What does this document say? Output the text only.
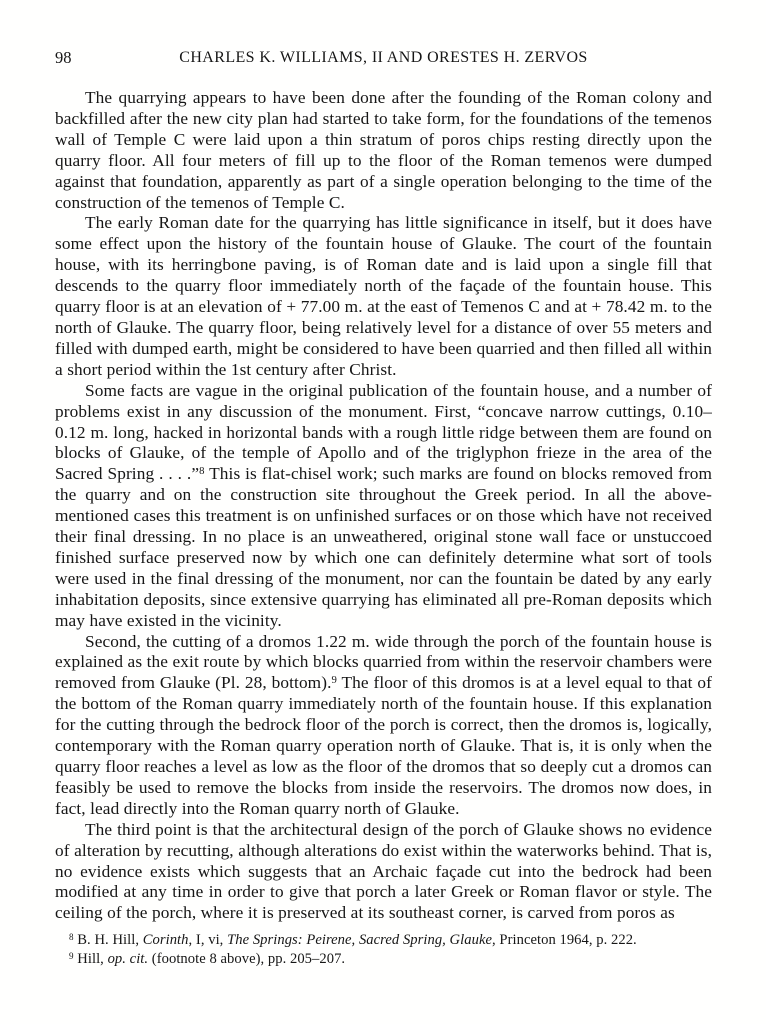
98	CHARLES K. WILLIAMS, II AND ORESTES H. ZERVOS

The quarrying appears to have been done after the founding of the Roman colony and backfilled after the new city plan had started to take form, for the foundations of the temenos wall of Temple C were laid upon a thin stratum of poros chips resting directly upon the quarry floor. All four meters of fill up to the floor of the Roman temenos were dumped against that foundation, apparently as part of a single operation belonging to the time of the construction of the temenos of Temple C.

The early Roman date for the quarrying has little significance in itself, but it does have some effect upon the history of the fountain house of Glauke. The court of the fountain house, with its herringbone paving, is of Roman date and is laid upon a single fill that descends to the quarry floor immediately north of the façade of the fountain house. This quarry floor is at an elevation of + 77.00 m. at the east of Temenos C and at + 78.42 m. to the north of Glauke. The quarry floor, being relatively level for a distance of over 55 meters and filled with dumped earth, might be considered to have been quarried and then filled all within a short period within the 1st century after Christ.

Some facts are vague in the original publication of the fountain house, and a number of problems exist in any discussion of the monument. First, “concave narrow cuttings, 0.10–0.12 m. long, hacked in horizontal bands with a rough little ridge between them are found on blocks of Glauke, of the temple of Apollo and of the triglyphon frieze in the area of the Sacred Spring . . . .”$^8$ This is flat-chisel work; such marks are found on blocks removed from the quarry and on the construction site throughout the Greek period. In all the above-mentioned cases this treatment is on unfinished surfaces or on those which have not received their final dressing. In no place is an unweathered, original stone wall face or unstuccoed finished surface preserved now by which one can definitely determine what sort of tools were used in the final dressing of the monument, nor can the fountain be dated by any early inhabitation deposits, since extensive quarrying has eliminated all pre-Roman deposits which may have existed in the vicinity.

Second, the cutting of a dromos 1.22 m. wide through the porch of the fountain house is explained as the exit route by which blocks quarried from within the reservoir chambers were removed from Glauke (Pl. 28, bottom).$^9$ The floor of this dromos is at a level equal to that of the bottom of the Roman quarry immediately north of the fountain house. If this explanation for the cutting through the bedrock floor of the porch is correct, then the dromos is, logically, contemporary with the Roman quarry operation north of Glauke. That is, it is only when the quarry floor reaches a level as low as the floor of the dromos that so deeply cut a dromos can feasibly be used to remove the blocks from inside the reservoirs. The dromos now does, in fact, lead directly into the Roman quarry north of Glauke.

The third point is that the architectural design of the porch of Glauke shows no evidence of alteration by recutting, although alterations do exist within the waterworks behind. That is, no evidence exists which suggests that an Archaic façade cut into the bedrock had been modified at any time in order to give that porch a later Greek or Roman flavor or style. The ceiling of the porch, where it is preserved at its southeast corner, is carved from poros as

$^8$ B. H. Hill, Corinth, I, vi, The Springs: Peirene, Sacred Spring, Glauke, Princeton 1964, p. 222.

$^9$ Hill, op. cit. (footnote 8 above), pp. 205–207.
